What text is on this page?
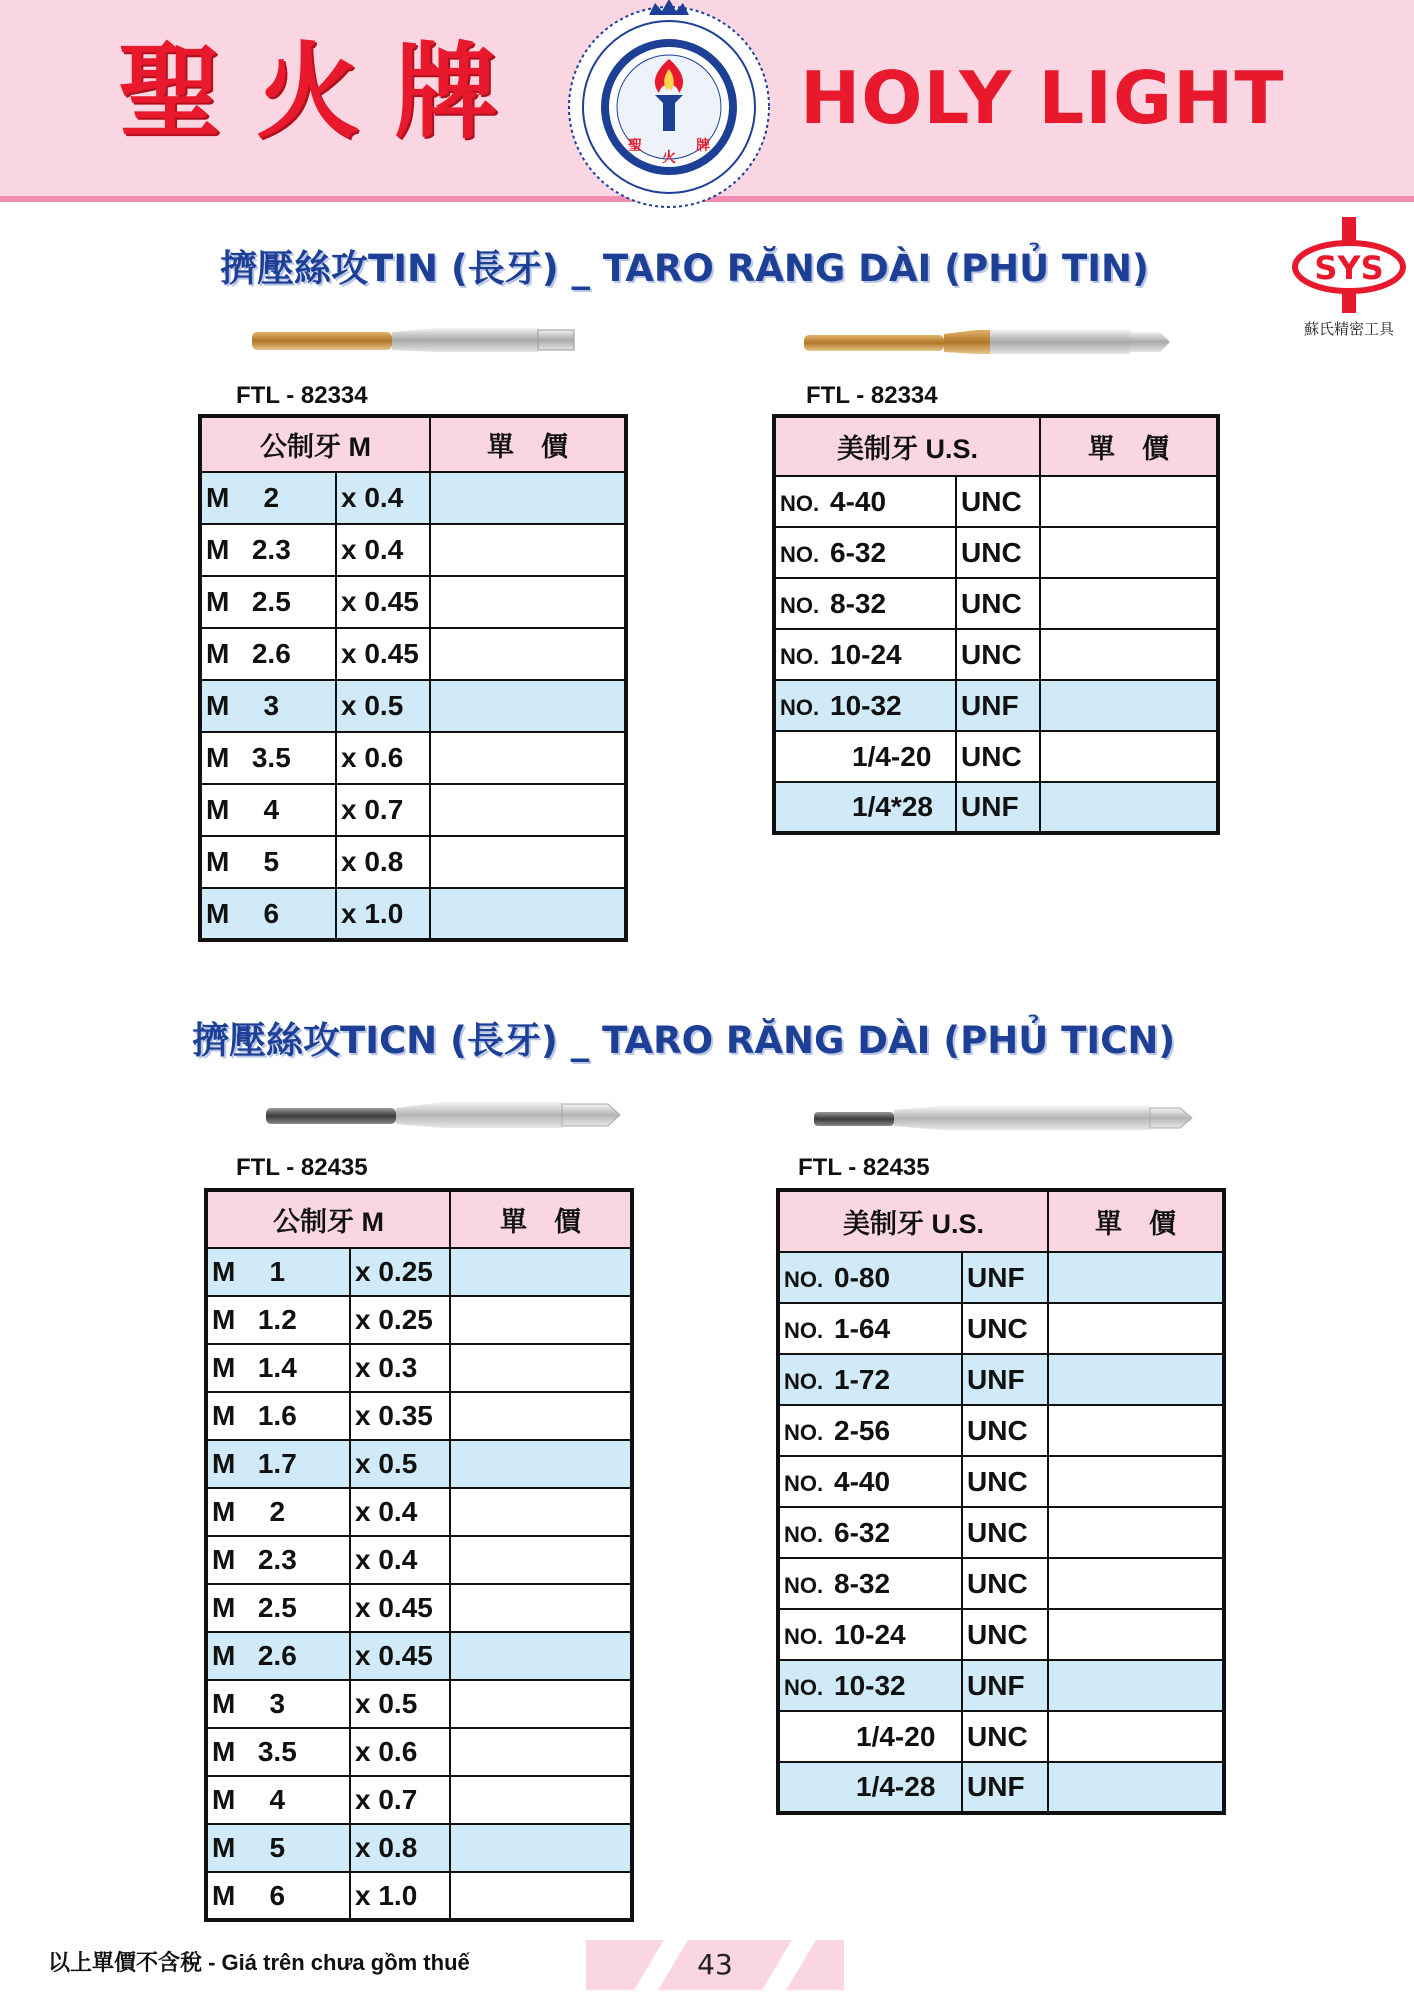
聖火牌	HOLY LIGHT
聖
火
牌
SYS
蘇氏精密工具
擠壓絲攻TIN (長牙) _ TARO RĂNG DÀI (PHỦ TIN)
FTL - 82334	FTL - 82334
公制牙 M		單　價
M 2	x 0.4	
M 2.3	x 0.4	
M 2.5	x 0.45	
M 2.6	x 0.45	
M 3	x 0.5	
M 3.5	x 0.6	
M 4	x 0.7	
M 5	x 0.8	
M 6	x 1.0	
美制牙 U.S.		單　價
NO. 4-40	UNC	
NO. 6-32	UNC	
NO. 8-32	UNC	
NO. 10-24	UNC	
NO. 10-32	UNF	
1/4-20	UNC	
1/4*28	UNF	
擠壓絲攻TICN (長牙) _ TARO RĂNG DÀI (PHỦ TICN)
FTL - 82435	FTL - 82435
公制牙 M		單　價
M 1	x 0.25	
M 1.2	x 0.25	
M 1.4	x 0.3	
M 1.6	x 0.35	
M 1.7	x 0.5	
M 2	x 0.4	
M 2.3	x 0.4	
M 2.5	x 0.45	
M 2.6	x 0.45	
M 3	x 0.5	
M 3.5	x 0.6	
M 4	x 0.7	
M 5	x 0.8	
M 6	x 1.0	
美制牙 U.S.		單　價
NO. 0-80	UNF	
NO. 1-64	UNC	
NO. 1-72	UNF	
NO. 2-56	UNC	
NO. 4-40	UNC	
NO. 6-32	UNC	
NO. 8-32	UNC	
NO. 10-24	UNC	
NO. 10-32	UNF	
1/4-20	UNC	
1/4-28	UNF	
以上單價不含稅 - Giá trên chưa gồm thuế	43
